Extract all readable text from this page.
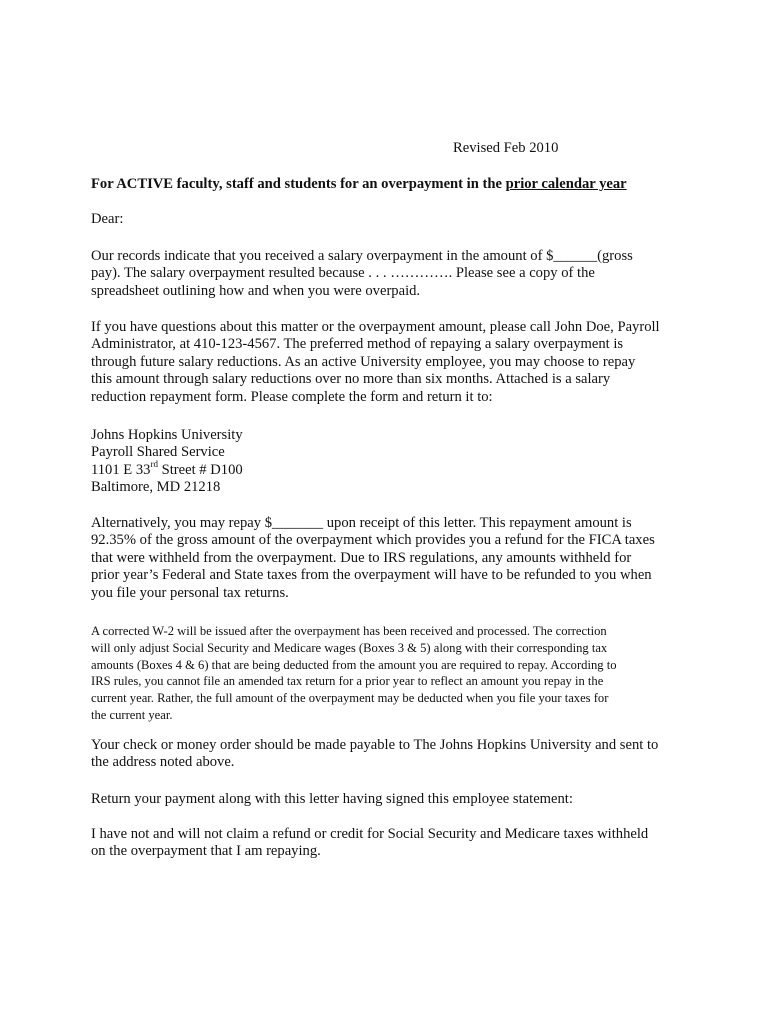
Revised Feb 2010

For ACTIVE faculty, staff and students for an overpayment in the prior calendar year

Dear:

Our records indicate that you received a salary overpayment in the amount of $______(gross
pay). The salary overpayment resulted because . . . …………. Please see a copy of the
spreadsheet outlining how and when you were overpaid.

If you have questions about this matter or the overpayment amount, please call John Doe, Payroll
Administrator, at 410-123-4567. The preferred method of repaying a salary overpayment is
through future salary reductions. As an active University employee, you may choose to repay
this amount through salary reductions over no more than six months. Attached is a salary
reduction repayment form. Please complete the form and return it to:

Johns Hopkins University
Payroll Shared Service
1101 E 33rd Street # D100
Baltimore, MD 21218

Alternatively, you may repay $_______ upon receipt of this letter. This repayment amount is
92.35% of the gross amount of the overpayment which provides you a refund for the FICA taxes
that were withheld from the overpayment. Due to IRS regulations, any amounts withheld for
prior year’s Federal and State taxes from the overpayment will have to be refunded to you when
you file your personal tax returns.

A corrected W-2 will be issued after the overpayment has been received and processed. The correction
will only adjust Social Security and Medicare wages (Boxes 3 & 5) along with their corresponding tax
amounts (Boxes 4 & 6) that are being deducted from the amount you are required to repay. According to
IRS rules, you cannot file an amended tax return for a prior year to reflect an amount you repay in the
current year. Rather, the full amount of the overpayment may be deducted when you file your taxes for
the current year.

Your check or money order should be made payable to The Johns Hopkins University and sent to
the address noted above.

Return your payment along with this letter having signed this employee statement:

I have not and will not claim a refund or credit for Social Security and Medicare taxes withheld
on the overpayment that I am repaying.
